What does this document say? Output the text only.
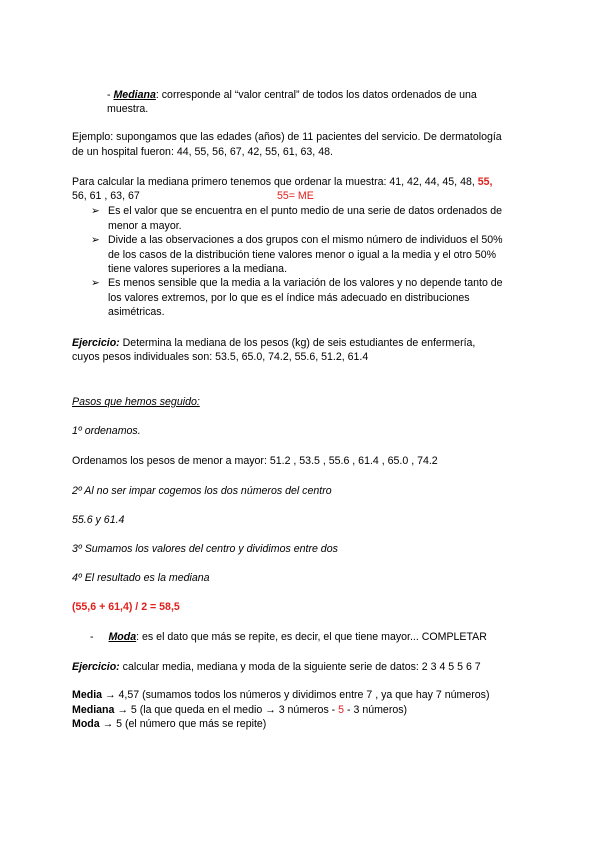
- Mediana: corresponde al “valor central” de todos los datos ordenados de una
muestra.
Ejemplo: supongamos que las edades (años) de 11 pacientes del servicio. De dermatología
de un hospital fueron: 44, 55, 56, 67, 42, 55, 61, 63, 48.
Para calcular la mediana primero tenemos que ordenar la muestra: 41, 42, 44, 45, 48, 55,
56, 61 , 63, 67	55= ME
➢ Es el valor que se encuentra en el punto medio de una serie de datos ordenados de
menor a mayor.
➢ Divide a las observaciones a dos grupos con el mismo número de individuos el 50%
de los casos de la distribución tiene valores menor o igual a la media y el otro 50%
tiene valores superiores a la mediana.
➢ Es menos sensible que la media a la variación de los valores y no depende tanto de
los valores extremos, por lo que es el índice más adecuado en distribuciones
asimétricas.
Ejercicio: Determina la mediana de los pesos (kg) de seis estudiantes de enfermería,
cuyos pesos individuales son: 53.5, 65.0, 74.2, 55.6, 51.2, 61.4
Pasos que hemos seguido:
1º ordenamos.
Ordenamos los pesos de menor a mayor: 51.2 , 53.5 , 55.6 , 61.4 , 65.0 , 74.2
2º Al no ser impar cogemos los dos números del centro
55.6 y 61.4
3º Sumamos los valores del centro y dividimos entre dos
4º El resultado es la mediana
(55,6 + 61,4) / 2 = 58,5
- Moda: es el dato que más se repite, es decir, el que tiene mayor... COMPLETAR
Ejercicio: calcular media, mediana y moda de la siguiente serie de datos: 2 3 4 5 5 6 7
Media → 4,57 (sumamos todos los números y dividimos entre 7 , ya que hay 7 números)
Mediana → 5 (la que queda en el medio → 3 números - 5 - 3 números)
Moda → 5 (el número que más se repite)
